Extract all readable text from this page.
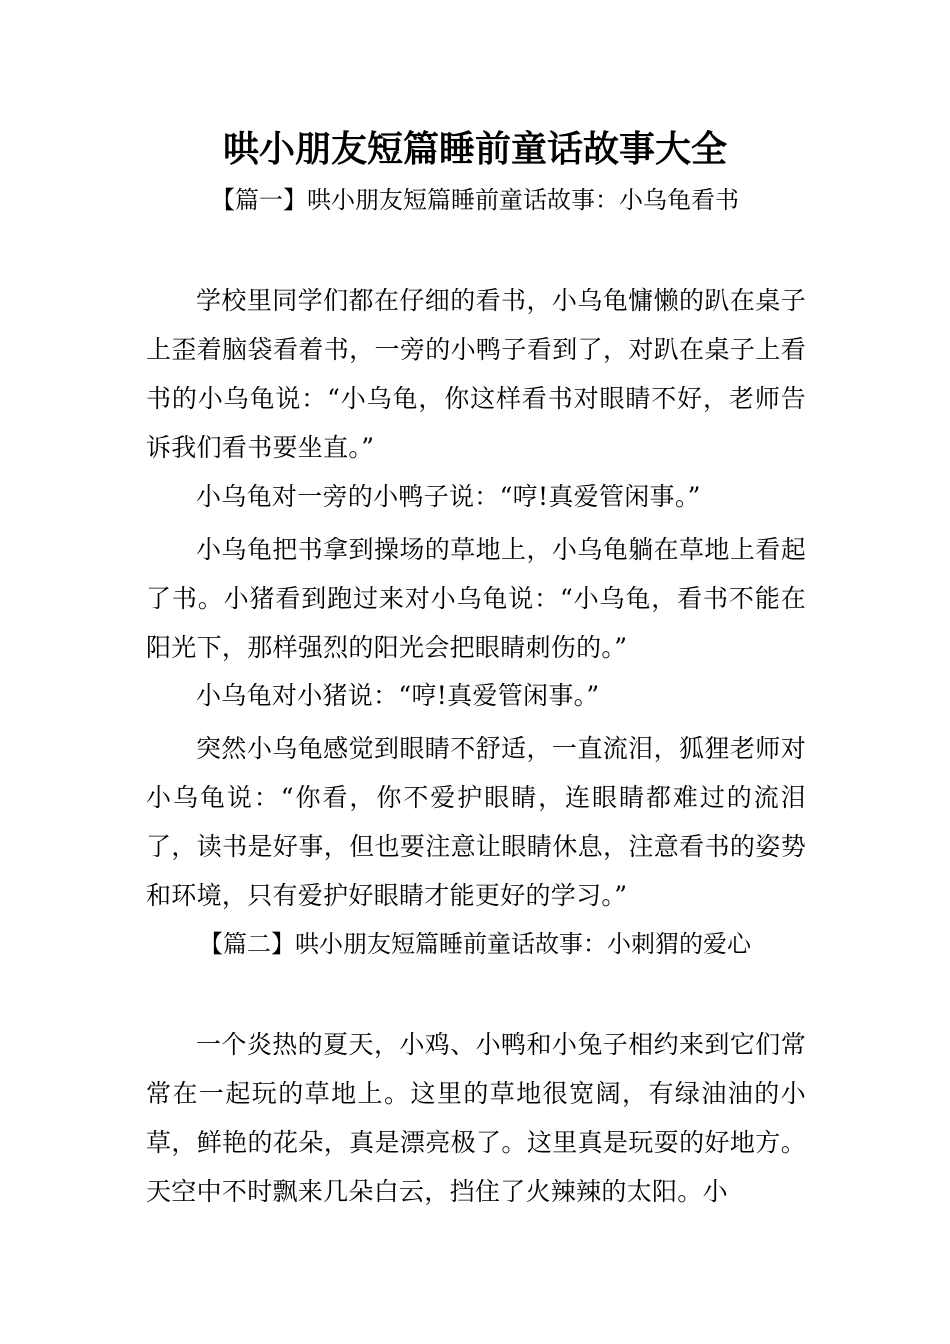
哄小朋友短篇睡前童话故事大全

【篇一】哄小朋友短篇睡前童话故事：小乌龟看书

学校里同学们都在仔细的看书，小乌龟慵懒的趴在桌子上歪着脑袋看着书，一旁的小鸭子看到了，对趴在桌子上看书的小乌龟说：“小乌龟，你这样看书对眼睛不好，老师告诉我们看书要坐直。”

小乌龟对一旁的小鸭子说：“哼!真爱管闲事。”

小乌龟把书拿到操场的草地上，小乌龟躺在草地上看起了书。小猪看到跑过来对小乌龟说：“小乌龟，看书不能在阳光下，那样强烈的阳光会把眼睛刺伤的。”

小乌龟对小猪说：“哼!真爱管闲事。”

突然小乌龟感觉到眼睛不舒适，一直流泪，狐狸老师对小乌龟说：“你看，你不爱护眼睛，连眼睛都难过的流泪了，读书是好事，但也要注意让眼睛休息，注意看书的姿势和环境，只有爱护好眼睛才能更好的学习。”

【篇二】哄小朋友短篇睡前童话故事：小刺猬的爱心

一个炎热的夏天，小鸡、小鸭和小兔子相约来到它们常常在一起玩的草地上。这里的草地很宽阔，有绿油油的小草，鲜艳的花朵，真是漂亮极了。这里真是玩耍的好地方。天空中不时飘来几朵白云，挡住了火辣辣的太阳。小
